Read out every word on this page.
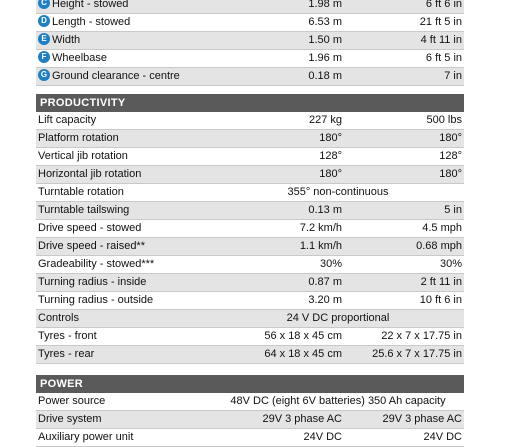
C Height - stowed	1.98 m	6 ft 6 in
D Length - stowed	6.53 m	21 ft 5 in
E Width	1.50 m	4 ft 11 in
F Wheelbase	1.96 m	6 ft 5 in
G Ground clearance - centre	0.18 m	7 in
PRODUCTIVITY
Lift capacity	227 kg	500 lbs
Platform rotation	180°	180°
Vertical jib rotation	128°	128°
Horizontal jib rotation	180°	180°
Turntable rotation	355° non-continuous
Turntable tailswing	0.13 m	5 in
Drive speed - stowed	7.2 km/h	4.5 mph
Drive speed - raised**	1.1 km/h	0.68 mph
Gradeability - stowed***	30%	30%
Turning radius - inside	0.87 m	2 ft 11 in
Turning radius - outside	3.20 m	10 ft 6 in
Controls	24 V DC proportional
Tyres - front	56 x 18 x 45 cm	22 x 7 x 17.75 in
Tyres - rear	64 x 18 x 45 cm	25.6 x 7 x 17.75 in
POWER
Power source	48V DC (eight 6V batteries) 350 Ah capacity
Drive system	29V 3 phase AC	29V 3 phase AC
Auxiliary power unit	24V DC	24V DC
